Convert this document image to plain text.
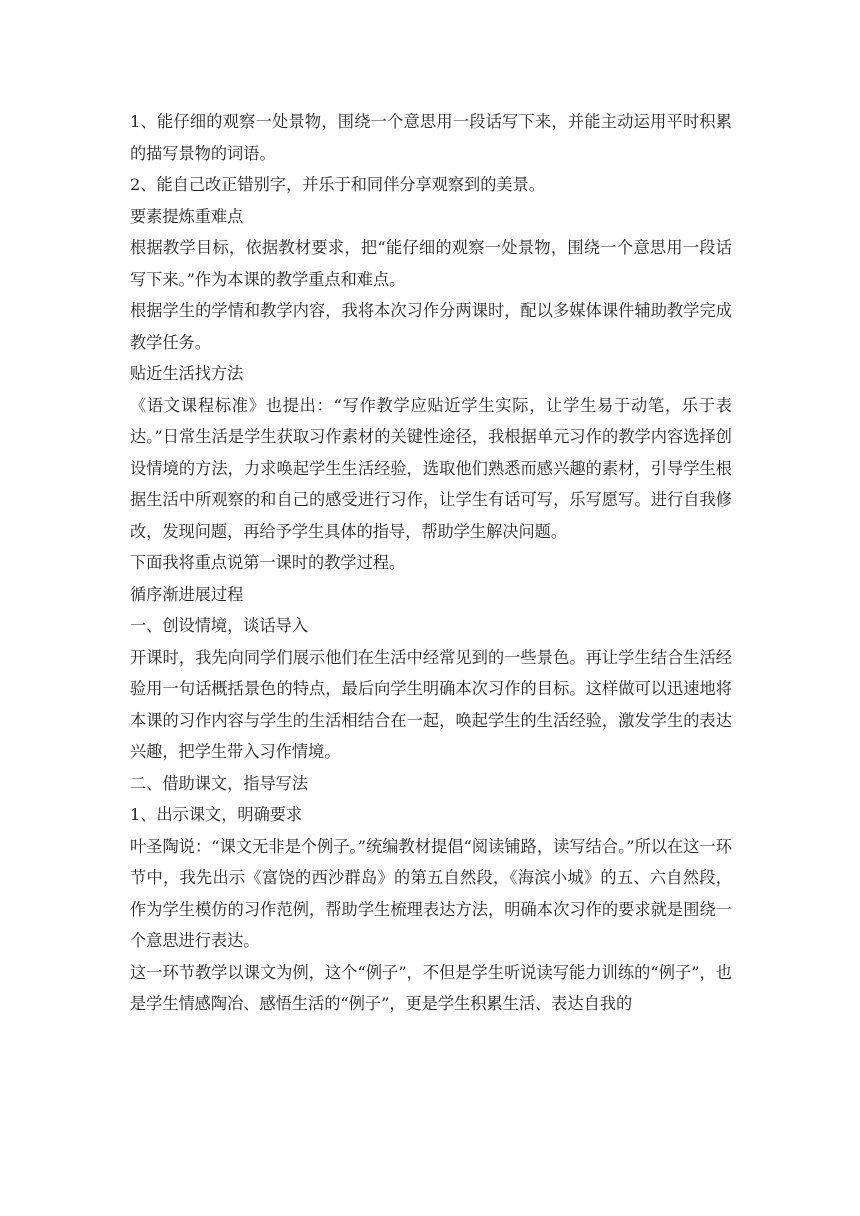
1、能仔细的观察一处景物，围绕一个意思用一段话写下来，并能主动运用平时积累的描写景物的词语。

2、能自己改正错别字，并乐于和同伴分享观察到的美景。

要素提炼重难点

根据教学目标，依据教材要求，把“能仔细的观察一处景物，围绕一个意思用一段话写下来。”作为本课的教学重点和难点。

根据学生的学情和教学内容，我将本次习作分两课时，配以多媒体课件辅助教学完成教学任务。

贴近生活找方法

《语文课程标准》也提出：“写作教学应贴近学生实际，让学生易于动笔，乐于表达。”日常生活是学生获取习作素材的关键性途径，我根据单元习作的教学内容选择创设情境的方法，力求唤起学生生活经验，选取他们熟悉而感兴趣的素材，引导学生根据生活中所观察的和自己的感受进行习作，让学生有话可写，乐写愿写。进行自我修改，发现问题，再给予学生具体的指导，帮助学生解决问题。

下面我将重点说第一课时的教学过程。

循序渐进展过程

一、创设情境，谈话导入

开课时，我先向同学们展示他们在生活中经常见到的一些景色。再让学生结合生活经验用一句话概括景色的特点，最后向学生明确本次习作的目标。这样做可以迅速地将本课的习作内容与学生的生活相结合在一起，唤起学生的生活经验，激发学生的表达兴趣，把学生带入习作情境。

二、借助课文，指导写法

1、出示课文，明确要求

叶圣陶说：“课文无非是个例子。”统编教材提倡“阅读铺路，读写结合。”所以在这一环节中，我先出示《富饶的西沙群岛》的第五自然段，《海滨小城》的五、六自然段，作为学生模仿的习作范例，帮助学生梳理表达方法，明确本次习作的要求就是围绕一个意思进行表达。

这一环节教学以课文为例，这个“例子”，不但是学生听说读写能力训练的“例子”，也是学生情感陶冶、感悟生活的“例子”，更是学生积累生活、表达自我的
